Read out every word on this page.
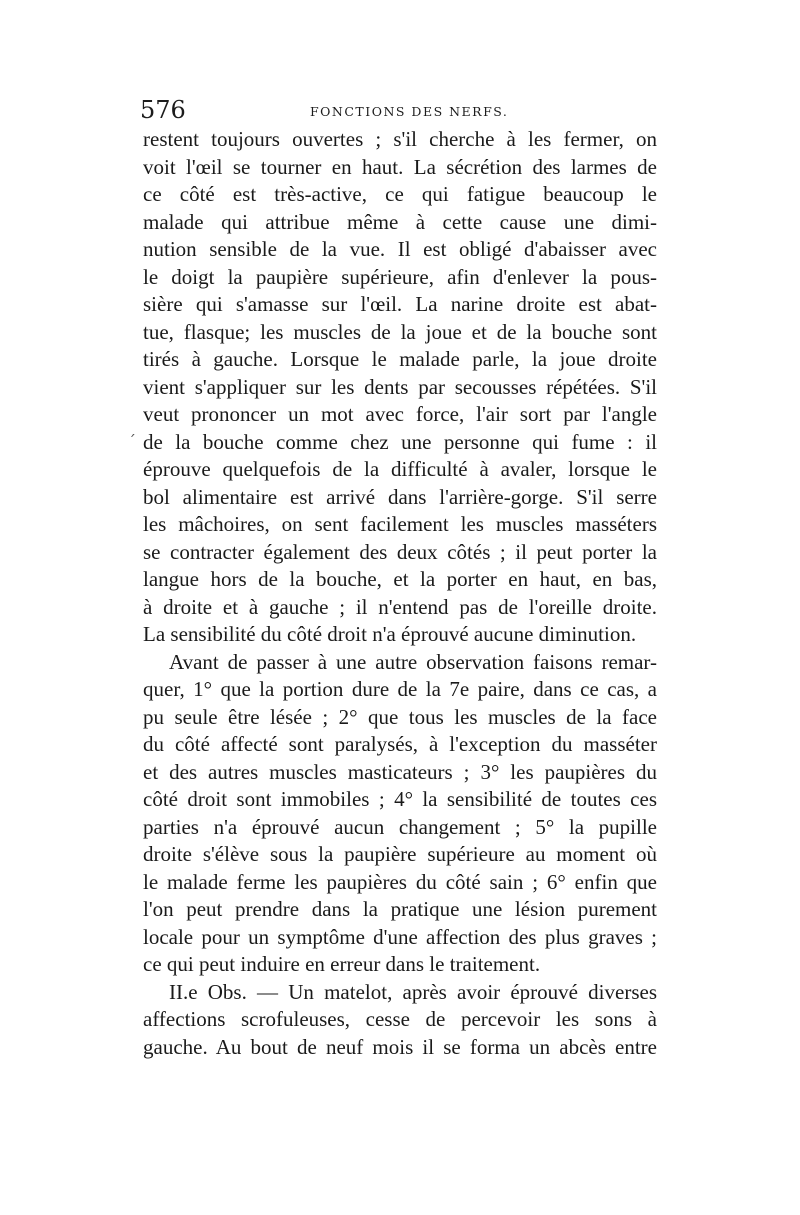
576	FONCTIONS DES NERFS.
´
restent toujours ouvertes ; s'il cherche à les fermer, on
voit l'œil se tourner en haut. La sécrétion des larmes de
ce côté est très-active, ce qui fatigue beaucoup le
malade qui attribue même à cette cause une dimi-
nution sensible de la vue. Il est obligé d'abaisser avec
le doigt la paupière supérieure, afin d'enlever la pous-
sière qui s'amasse sur l'œil. La narine droite est abat-
tue, flasque; les muscles de la joue et de la bouche sont
tirés à gauche. Lorsque le malade parle, la joue droite
vient s'appliquer sur les dents par secousses répétées. S'il
veut prononcer un mot avec force, l'air sort par l'angle
de la bouche comme chez une personne qui fume : il
éprouve quelquefois de la difficulté à avaler, lorsque le
bol alimentaire est arrivé dans l'arrière-gorge. S'il serre
les mâchoires, on sent facilement les muscles masséters
se contracter également des deux côtés ; il peut porter la
langue hors de la bouche, et la porter en haut, en bas,
à droite et à gauche ; il n'entend pas de l'oreille droite.
La sensibilité du côté droit n'a éprouvé aucune diminution.
Avant de passer à une autre observation faisons remar-
quer, 1° que la portion dure de la 7e paire, dans ce cas, a
pu seule être lésée ; 2° que tous les muscles de la face
du côté affecté sont paralysés, à l'exception du masséter
et des autres muscles masticateurs ; 3° les paupières du
côté droit sont immobiles ; 4° la sensibilité de toutes ces
parties n'a éprouvé aucun changement ; 5° la pupille
droite s'élève sous la paupière supérieure au moment où
le malade ferme les paupières du côté sain ; 6° enfin que
l'on peut prendre dans la pratique une lésion purement
locale pour un symptôme d'une affection des plus graves ;
ce qui peut induire en erreur dans le traitement.
II.e Obs. — Un matelot, après avoir éprouvé diverses
affections scrofuleuses, cesse de percevoir les sons à
gauche. Au bout de neuf mois il se forma un abcès entre
